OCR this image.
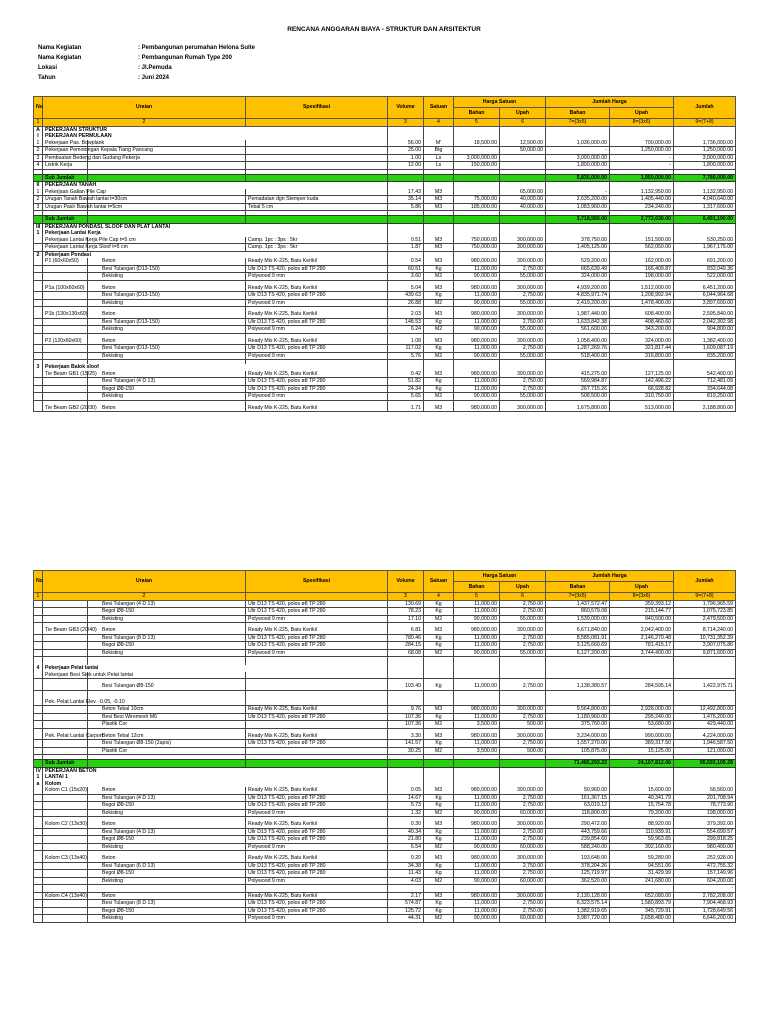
RENCANA ANGGARAN BIAYA - STRUKTUR DAN ARSITEKTUR
Nama Kegiatan	: Pembangunan perumahan Helona Suite
Nama Kegiatan	: Pembangunan Rumah Type 200
Lokasi	: Jl.Pemuda
Tahun	: Juni 2024
No	Uraian		Spesifikasi	Volume	Satuan	Harga Satuan		Jumlah Harga		Jumlah
						Bahan	Upah	Bahan	Upah	
1	2			3	4	5	6	7=(3x5)	8=(3x6)	9=(7+8)
A	PEKERJAAN STRUKTUR									
I	PEKERJAAN PERMULAAN									
1	Pekerjaan Pas. Bowplank			56.00	M'	18,500.00	12,500.00	1,036,000.00	700,000.00	1,736,000.00
2	Pekerjaan Pemotongan Kepala Tiang Pancang			25.00	Btg		50,000.00	-	1,250,000.00	1,250,000.00
3	Pembuatan Bedeng dan Gudang Pekerja			1.00	Ls	3,000,000.00		3,000,000.00	-	3,000,000.00
4	Listrik Kerja			12.00	Ls	150,000.00		1,800,000.00	-	1,800,000.00

	Sub Jumlah							5,836,000.00	1,950,000.00	7,786,000.00
II	PEKERJAAN TANAH									
1	Pekerjaan Galian Pile Cap			17.43	M3		65,000.00	-	1,132,950.00	1,132,950.00
2	Urugan Tanah Bawah lantai t=30cm		Pemadatan dgn Stemper kuda	35.14	M3	75,000.00	40,000.00	2,635,200.00	1,405,440.00	4,040,640.00
3	Urugan Pasir Bawah lantai t=5cm		Tebal 5 cm	5.86	M3	185,000.00	40,000.00	1,083,960.00	234,240.00	1,317,600.00

	Sub Jumlah							3,718,560.00	2,772,630.00	6,491,190.00
III	PEKERJAAN PONDASI, SLOOF DAN PLAT LANTAI									
1	Pekerjaan Lantai Kerja									
	Pekerjaan Lantai Kerja Pile Cap t=5 cm		Camp. 1pc : 3ps : 5kr	0.51	M3	750,000.00	300,000.00	378,750.00	151,500.00	530,250.00
	Pekerjaan Lantai Kerja Sloof t=5 cm		Camp. 1pc : 3ps : 5kr	1.87	M3	750,000.00	300,000.00	1,405,125.00	562,050.00	1,967,175.00
2	Pekerjaan Pondasi									
	P1 (60x60x50)	Beton	Ready Mix K-225, Batu Kerikil	0.54	M3	980,000.00	300,000.00	529,200.00	162,000.00	691,200.00
		Besi Tulangan (D13-150)	Ulir D13 TS 420, polos ø8 TP 280	60.51	Kg	11,000.00	2,750.00	665,639.49	166,409.87	832,049.36
		Bekisting	Polywood 9 mm	3.60	M2	90,000.00	55,000.00	324,000.00	198,000.00	522,000.00

	P1a (100x60x60)	Beton	Ready Mix K-225, Batu Kerikil	5.04	M3	980,000.00	300,000.00	4,939,200.00	1,512,000.00	6,451,200.00
		Besi Tulangan (D13-150)	Ulir D13 TS 420, polos ø8 TP 280	439.63	Kg	11,000.00	2,750.00	4,835,971.74	1,208,992.94	6,044,964.68
		Bekisting	Polywood 9 mm	26.88	M2	90,000.00	55,000.00	2,419,200.00	1,478,400.00	3,897,600.00

	P1b (130x130x60)	Beton	Ready Mix K-225, Batu Kerikil	2.03	M3	980,000.00	300,000.00	1,987,440.00	608,400.00	2,595,840.00
		Besi Tulangan (D13-150)	Ulir D13 TS 420, polos ø8 TP 280	148.53	Kg	11,000.00	2,750.00	1,633,842.38	408,460.60	2,042,302.98
		Bekisting	Polywood 9 mm	6.24	M2	90,000.00	55,000.00	561,600.00	343,200.00	904,800.00

	P2 (120x60x60)	Beton	Ready Mix K-225, Batu Kerikil	1.08	M3	980,000.00	300,000.00	1,058,400.00	324,000.00	1,382,400.00
		Besi Tulangan (D13-150)	Ulir D13 TS 420, polos ø8 TP 280	117.02	Kg	11,000.00	2,750.00	1,287,269.76	321,817.44	1,609,087.19
		Bekisting	Polywood 9 mm	5.76	M2	90,000.00	55,000.00	518,400.00	316,800.00	835,200.00

3	Pekerjaan Balok sloof									
	Tie Beam GB1 (15/25)	Beton	Ready Mix K-225, Batu Kerikil	0.42	M3	980,000.00	300,000.00	415,275.00	127,125.00	542,400.00
		Besi Tulangan (4 D 13)	Ulir D13 TS 420, polos ø8 TP 280	51.82	Kg	11,000.00	2,750.00	569,984.87	142,496.22	712,481.09
		Begol Ø8-150	Ulir D13 TS 420, polos ø8 TP 280	24.34	Kg	11,000.00	2,750.00	267,715.26	66,928.82	334,644.08
		Bekisting	Polywood 9 mm	5.65	M2	90,000.00	55,000.00	508,500.00	310,750.00	819,250.00

	Tie Beam GB2 (20/30)	Beton	Ready Mix K-225, Batu Kerikil	1.71	M3	980,000.00	300,000.00	1,675,800.00	513,000.00	2,188,800.00
No	Uraian		Spesifikasi	Volume	Satuan	Harga Satuan		Jumlah Harga		Jumlah
						Bahan	Upah	Bahan	Upah	
1	2			3	4	5	6	7=(3x5)	8=(3x6)	9=(7+8)
		Besi Tulangan (4 D 13)	Ulir D13 TS 420, polos ø8 TP 280	130.69	Kg	11,000.00	2,750.00	1,437,572.47	359,393.12	1,796,965.59
		Begol Ø8-150	Ulir D13 TS 420, polos ø8 TP 280	78.23	Kg	11,000.00	2,750.00	860,579.08	215,144.77	1,075,723.85
		Bekisting	Polywood 9 mm	17.10	M2	90,000.00	55,000.00	1,539,000.00	940,500.00	2,479,500.00

	Tie Beam GB3 (20/40)	Beton	Ready Mix K-225, Batu Kerikil	6.81	M3	980,000.00	300,000.00	6,671,840.00	2,042,400.00	8,714,240.00
		Besi Tulangan (8 D 13)	Ulir D13 TS 420, polos ø8 TP 280	780.46	Kg	11,000.00	2,750.00	8,585,081.91	2,146,270.48	10,731,352.39
		Begol Ø8-150	Ulir D13 TS 420, polos ø8 TP 280	284.15	Kg	11,000.00	2,750.00	3,125,660.69	781,415.17	3,907,075.86
		Bekisting	Polywood 9 mm	68.08	M2	90,000.00	55,000.00	6,127,200.00	3,744,400.00	9,871,600.00

4	Pekerjaan Pelat lantai									
	Pekerjaan Besi Stek untuk Pelat lantai									

		Besi Tulangan Ø8-150		103.49	Kg	11,000.00	2,750.00	1,138,380.57	284,595.14	1,422,975.71

	Pek. Pelat Lantai Elev. -0.05, -0.10									
		Beton Tebal 10cm	Ready Mix K-225, Batu Kerikil	9.76	M3	980,000.00	300,000.00	9,564,800.00	2,928,000.00	12,492,800.00
		Besi Besi Wiremesh M6	Ulir D13 TS 420, polos ø8 TP 280	107.36	Kg	11,000.00	2,750.00	1,180,960.00	295,240.00	1,476,200.00
		Plastik Cor		107.36	M2	3,500.00	500.00	375,760.00	53,680.00	429,440.00

	Pek. Pelat Lantai Carport	Beton Tebal 12cm	Ready Mix K-225, Batu Kerikil	3.30	M3	980,000.00	300,000.00	3,234,000.00	990,000.00	4,224,000.00
		Besi Tulangan Ø8-150 (2apis)	Ulir D13 TS 420, polos ø8 TP 280	141.57	Kg	11,000.00	2,750.00	1,557,270.00	389,317.50	1,946,587.50
		Plastik Cor		30.25	M2	3,500.00	500.00	105,875.00	15,125.00	121,000.00

	Sub Jumlah							71,485,293.22	24,107,812.06	95,593,105.28
IV	PEKERJAAN BETON									
1	LANTAI 1									
a	Kolom									
	Kolom C1 (15x20)	Beton	Ready Mix K-225, Batu Kerikil	0.05	M3	980,000.00	300,000.00	50,960.00	15,600.00	66,560.00
		Besi Tulangan (4 D 13)	Ulir D13 TS 420, polos ø8 TP 280	14.67	Kg	11,000.00	2,750.00	161,367.15	40,341.79	201,708.94
		Begol Ø8-150	Ulir D13 TS 420, polos ø8 TP 280	5.73	Kg	11,000.00	2,750.00	63,019.12	15,754.78	78,773.90
		Bekisting	Polywood 9 mm	1.32	M2	90,000.00	60,000.00	118,800.00	79,200.00	198,000.00

	Kolom C2 (13x30)	Beton	Ready Mix K-225, Batu Kerikil	0.30	M3	980,000.00	300,000.00	290,472.00	88,920.00	379,392.00
		Besi Tulangan (4 D 13)	Ulir D13 TS 420, polos ø8 TP 280	40.34	Kg	11,000.00	2,750.00	443,759.66	110,939.91	554,699.57
		Begol Ø8-150	Ulir D13 TS 420, polos ø8 TP 280	21.80	Kg	11,000.00	2,750.00	239,854.60	59,963.65	299,818.25
		Bekisting	Polywood 9 mm	6.54	M2	90,000.00	60,000.00	588,240.00	392,160.00	980,400.00

	Kolom C3 (13x40)	Beton	Ready Mix K-225, Batu Kerikil	0.20	M3	980,000.00	300,000.00	193,648.00	59,280.00	252,928.00
		Besi Tulangan (6 D 13)	Ulir D13 TS 420, polos ø8 TP 280	34.38	Kg	11,000.00	2,750.00	378,204.26	94,551.06	472,755.32
		Begol Ø8-150	Ulir D13 TS 420, polos ø8 TP 280	11.43	Kg	11,000.00	2,750.00	125,719.97	31,429.99	157,149.96
		Bekisting	Polywood 9 mm	4.03	M2	90,000.00	60,000.00	362,520.00	241,680.00	604,200.00
										-
	Kolom C4 (13x40)	Beton	Ready Mix K-225, Batu Kerikil	2.17	M3	980,000.00	300,000.00	2,130,128.00	652,080.00	2,782,208.00
		Besi Tulangan (8 D 13)	Ulir D13 TS 420, polos ø8 TP 280	574.87	Kg	11,000.00	2,750.00	6,323,575.14	1,580,893.79	7,904,468.93
		Begol Ø8-150	Ulir D13 TS 420, polos ø8 TP 280	125.72	Kg	11,000.00	2,750.00	1,382,919.65	345,729.91	1,728,649.56
		Bekisting	Polywood 9 mm	44.31	M2	90,000.00	60,000.00	3,987,720.00	2,658,480.00	6,646,200.00
